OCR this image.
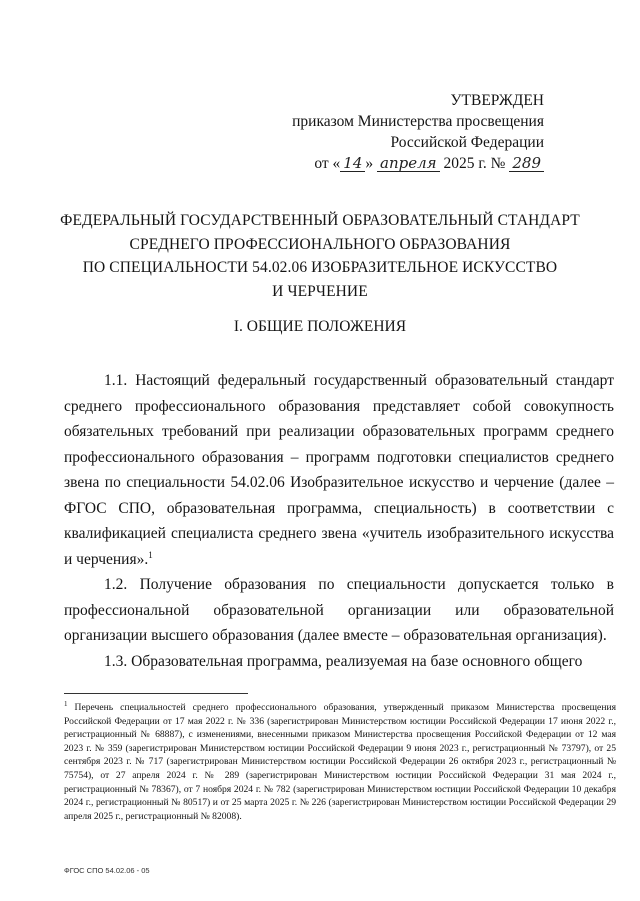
УТВЕРЖДЕН
приказом Министерства просвещения
Российской Федерации
от « 14 » апреля 2025 г. № 289
ФЕДЕРАЛЬНЫЙ ГОСУДАРСТВЕННЫЙ ОБРАЗОВАТЕЛЬНЫЙ СТАНДАРТ
СРЕДНЕГО ПРОФЕССИОНАЛЬНОГО ОБРАЗОВАНИЯ
ПО СПЕЦИАЛЬНОСТИ 54.02.06 ИЗОБРАЗИТЕЛЬНОЕ ИСКУССТВО
И ЧЕРЧЕНИЕ
I. ОБЩИЕ ПОЛОЖЕНИЯ

1.1. Настоящий федеральный государственный образовательный стандарт среднего профессионального образования представляет собой совокупность обязательных требований при реализации образовательных программ среднего профессионального образования – программ подготовки специалистов среднего звена по специальности 54.02.06 Изобразительное искусство и черчение (далее – ФГОС СПО, образовательная программа, специальность) в соответствии с квалификацией специалиста среднего звена «учитель изобразительного искусства и черчения».$^1$

1.2. Получение образования по специальности допускается только в профессиональной образовательной организации или образовательной организации высшего образования (далее вместе – образовательная организация).

1.3. Образовательная программа, реализуемая на базе основного общего

$^1$ Перечень специальностей среднего профессионального образования, утвержденный приказом Министерства просвещения Российской Федерации от 17 мая 2022 г. № 336 (зарегистрирован Министерством юстиции Российской Федерации 17 июня 2022 г., регистрационный № 68887), с изменениями, внесенными приказом Министерства просвещения Российской Федерации от 12 мая 2023 г. № 359 (зарегистрирован Министерством юстиции Российской Федерации 9 июня 2023 г., регистрационный № 73797), от 25 сентября 2023 г. № 717 (зарегистрирован Министерством юстиции Российской Федерации 26 октября 2023 г., регистрационный № 75754), от 27 апреля 2024 г. № 289 (зарегистрирован Министерством юстиции Российской Федерации 31 мая 2024 г., регистрационный № 78367), от 7 ноября 2024 г. № 782 (зарегистрирован Министерством юстиции Российской Федерации 10 декабря 2024 г., регистрационный № 80517) и от 25 марта 2025 г. № 226 (зарегистрирован Министерством юстиции Российской Федерации 29 апреля 2025 г., регистрационный № 82008).
ФГОС СПО 54.02.06 - 05
